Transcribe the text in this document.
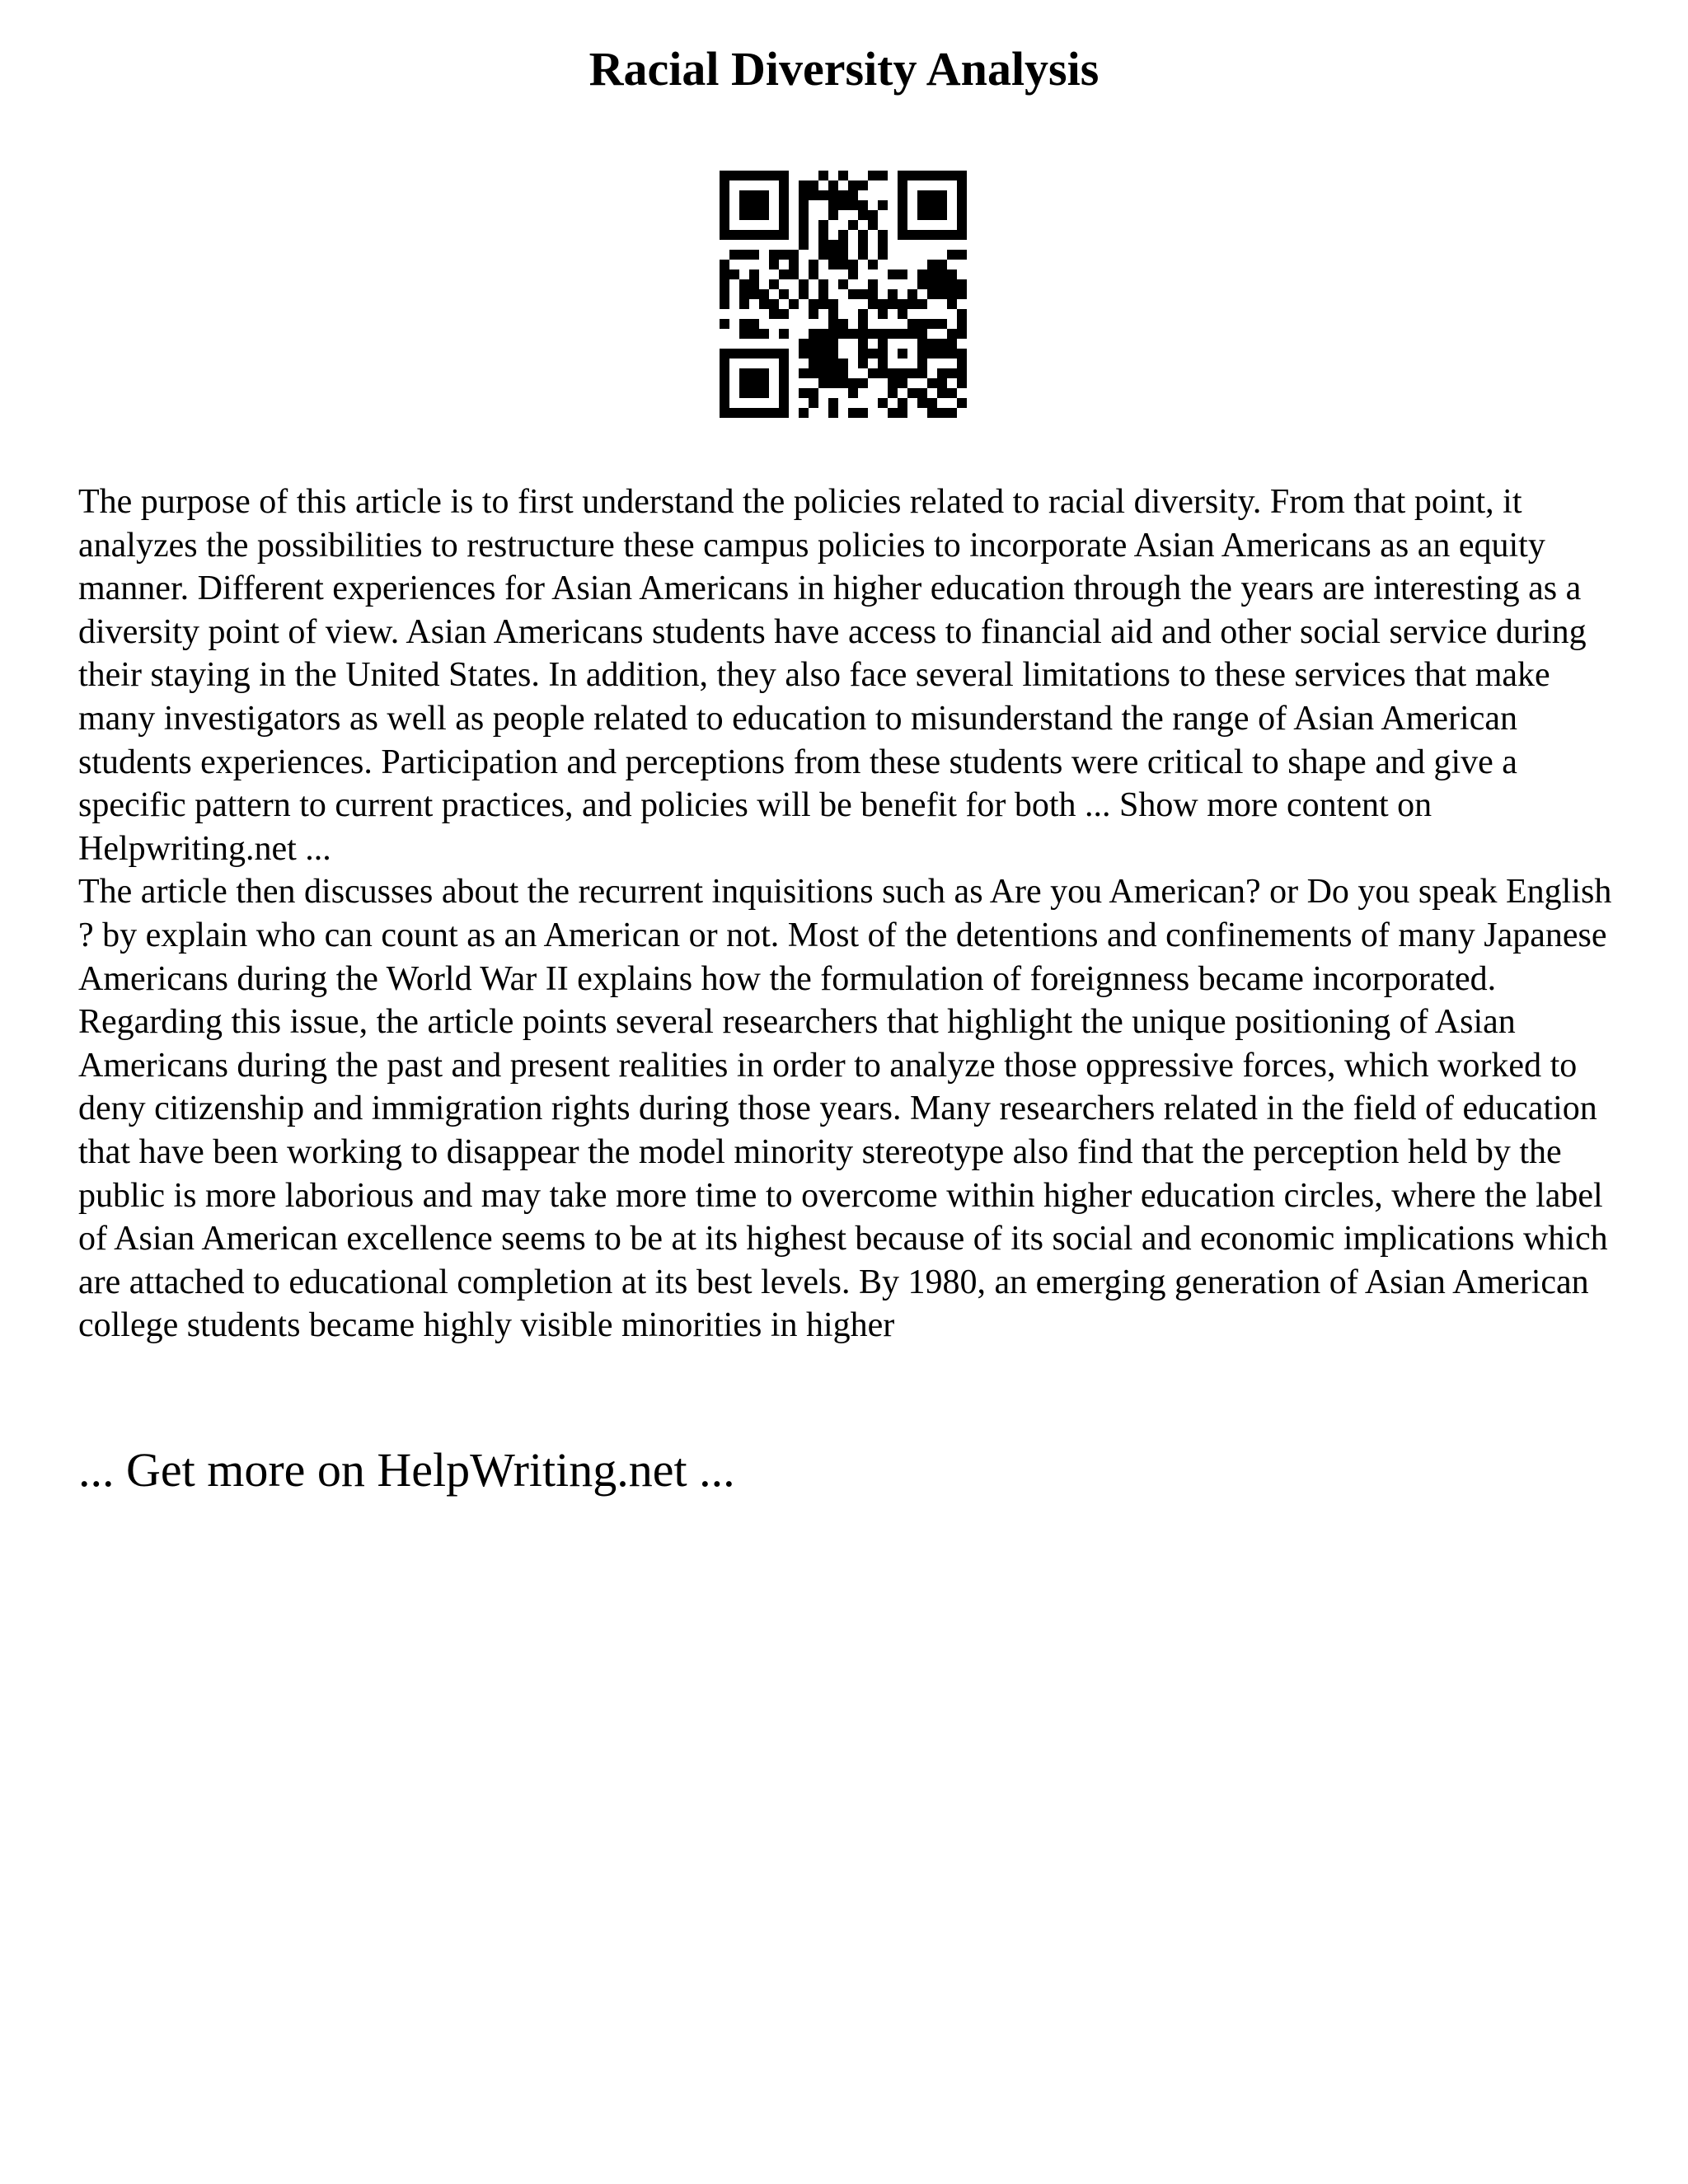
Racial Diversity Analysis

The purpose of this article is to first understand the policies related to racial diversity. From that point, it analyzes the possibilities to restructure these campus policies to incorporate Asian Americans as an equity manner. Different experiences for Asian Americans in higher education through the years are interesting as a diversity point of view. Asian Americans students have access to financial aid and other social service during their staying in the United States. In addition, they also face several limitations to these services that make many investigators as well as people related to education to misunderstand the range of Asian American students experiences. Participation and perceptions from these students were critical to shape and give a specific pattern to current practices, and policies will be benefit for both ... Show more content on Helpwriting.net ...

The article then discusses about the recurrent inquisitions such as Are you American? or Do you speak English ? by explain who can count as an American or not. Most of the detentions and confinements of many Japanese Americans during the World War II explains how the formulation of foreignness became incorporated. Regarding this issue, the article points several researchers that highlight the unique positioning of Asian Americans during the past and present realities in order to analyze those oppressive forces, which worked to deny citizenship and immigration rights during those years. Many researchers related in the field of education that have been working to disappear the model minority stereotype also find that the perception held by the public is more laborious and may take more time to overcome within higher education circles, where the label of Asian American excellence seems to be at its highest because of its social and economic implications which are attached to educational completion at its best levels. By 1980, an emerging generation of Asian American college students became highly visible minorities in higher

... Get more on HelpWriting.net ...
